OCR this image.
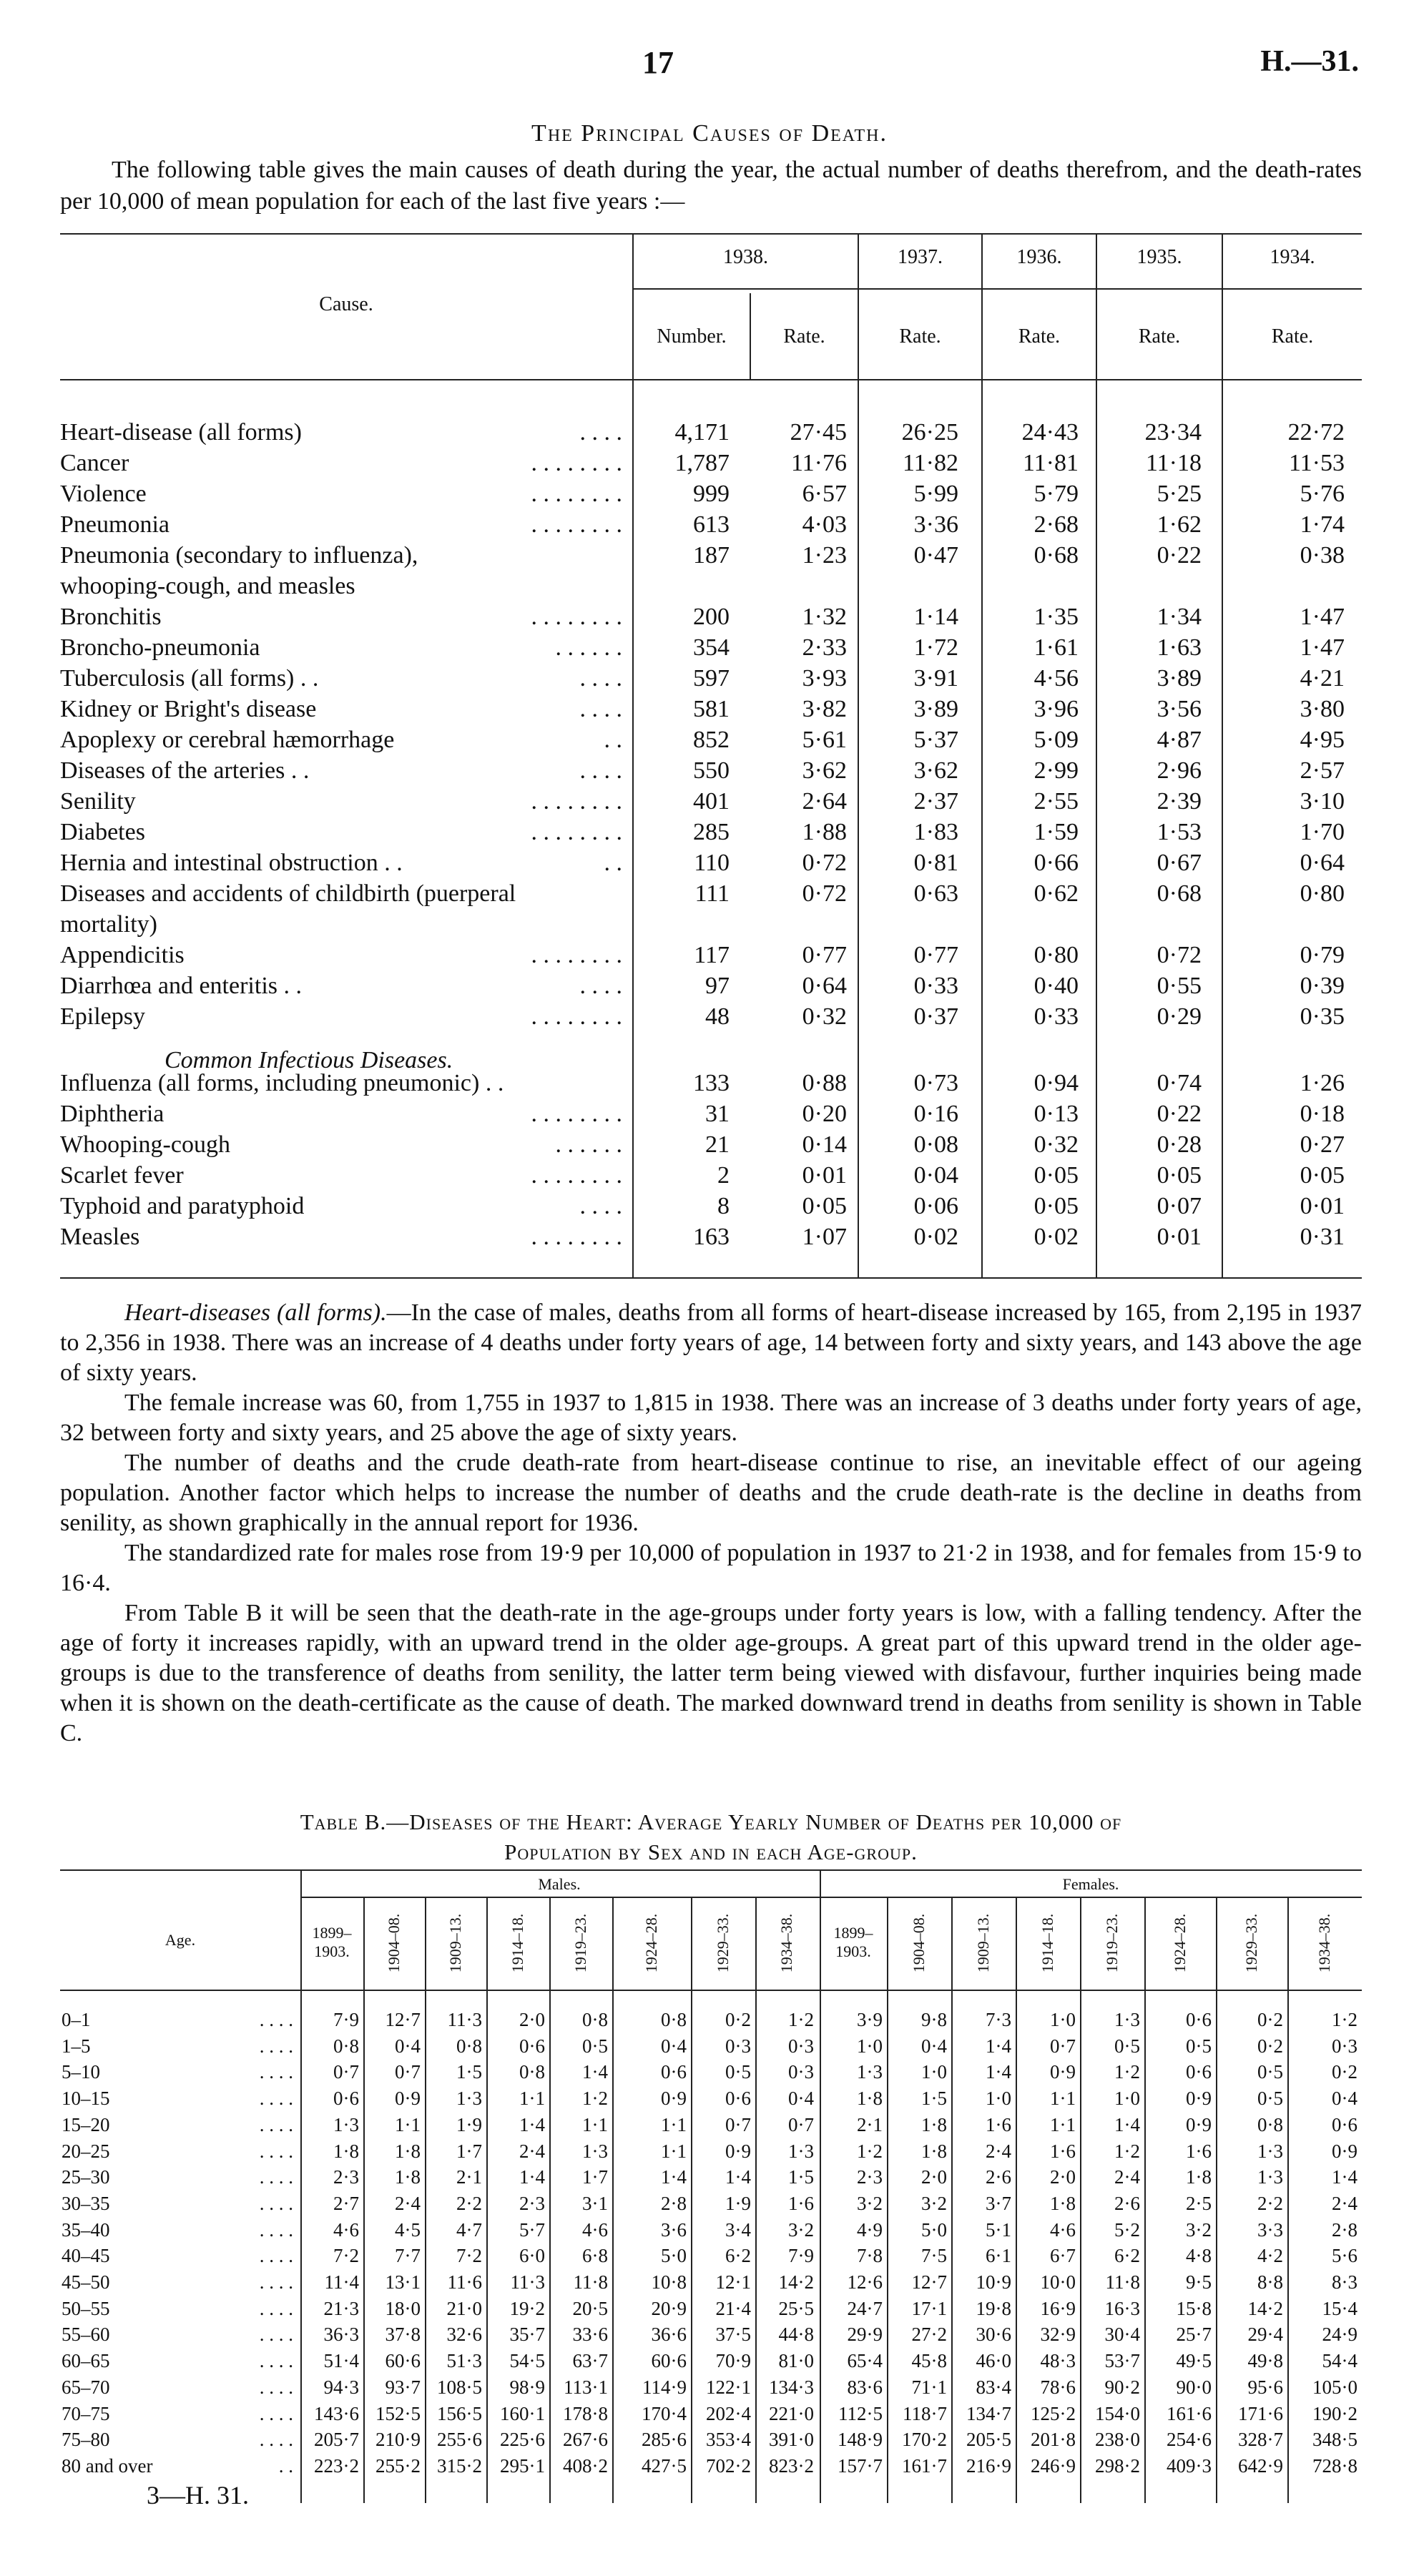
17	H.—31.
The Principal Causes of Death.
The following table gives the main causes of death during the year, the actual number of deaths therefrom, and the death-rates per 10,000 of mean population for each of the last five years :—
Cause.
1938.	1937.	1936.	1935.	1934.
Number.	Rate.	Rate.	Rate.	Rate.	Rate.
Heart-disease (all forms)	. . . .	4,171	27·45	26·25	24·43	23·34	22·72
Cancer	. . . . . . . .	1,787	11·76	11·82	11·81	11·18	11·53
Violence	. . . . . . . .	999	6·57	5·99	5·79	5·25	5·76
Pneumonia	. . . . . . . .	613	4·03	3·36	2·68	1·62	1·74
Pneumonia (secondary to influenza),	187	1·23	0·47	0·68	0·22	0·38
whooping-cough, and measles
Bronchitis	. . . . . . . .	200	1·32	1·14	1·35	1·34	1·47
Broncho-pneumonia	. . . . . .	354	2·33	1·72	1·61	1·63	1·47
Tuberculosis (all forms) . .	. . . .	597	3·93	3·91	4·56	3·89	4·21
Kidney or Bright's disease	. . . .	581	3·82	3·89	3·96	3·56	3·80
Apoplexy or cerebral hæmorrhage	. .	852	5·61	5·37	5·09	4·87	4·95
Diseases of the arteries . .	. . . .	550	3·62	3·62	2·99	2·96	2·57
Senility	. . . . . . . .	401	2·64	2·37	2·55	2·39	3·10
Diabetes	. . . . . . . .	285	1·88	1·83	1·59	1·53	1·70
Hernia and intestinal obstruction . .	. .	110	0·72	0·81	0·66	0·67	0·64
Diseases and accidents of childbirth (puerperal	111	0·72	0·63	0·62	0·68	0·80
mortality)
Appendicitis	. . . . . . . .	117	0·77	0·77	0·80	0·72	0·79
Diarrhœa and enteritis . .	. . . .	97	0·64	0·33	0·40	0·55	0·39
Epilepsy	. . . . . . . .	48	0·32	0·37	0·33	0·29	0·35
Common Infectious Diseases.
Influenza (all forms, including pneumonic) . .	133	0·88	0·73	0·94	0·74	1·26
Diphtheria	. . . . . . . .	31	0·20	0·16	0·13	0·22	0·18
Whooping-cough	. . . . . .	21	0·14	0·08	0·32	0·28	0·27
Scarlet fever	. . . . . . . .	2	0·01	0·04	0·05	0·05	0·05
Typhoid and paratyphoid	. . . .	8	0·05	0·06	0·05	0·07	0·01
Measles	. . . . . . . .	163	1·07	0·02	0·02	0·01	0·31

Heart-diseases (all forms).—In the case of males, deaths from all forms of heart-disease increased by 165, from 2,195 in 1937 to 2,356 in 1938. There was an increase of 4 deaths under forty years of age, 14 between forty and sixty years, and 143 above the age of sixty years.

The female increase was 60, from 1,755 in 1937 to 1,815 in 1938. There was an increase of 3 deaths under forty years of age, 32 between forty and sixty years, and 25 above the age of sixty years.

The number of deaths and the crude death-rate from heart-disease continue to rise, an inevitable effect of our ageing population. Another factor which helps to increase the number of deaths and the crude death-rate is the decline in deaths from senility, as shown graphically in the annual report for 1936.

The standardized rate for males rose from 19·9 per 10,000 of population in 1937 to 21·2 in 1938, and for females from 15·9 to 16·4.

From Table B it will be seen that the death-rate in the age-groups under forty years is low, with a falling tendency. After the age of forty it increases rapidly, with an upward trend in the older age-groups. A great part of this upward trend in the older age-groups is due to the transference of deaths from senility, the latter term being viewed with disfavour, further inquiries being made when it is shown on the death-certificate as the cause of death. The marked downward trend in deaths from senility is shown in Table C.

Table B.—Diseases of the Heart: Average Yearly Number of Deaths per 10,000 of
Population by Sex and in each Age-group.
Age.
Males.	Females.
1899–1903.	1904–08.	1909–13.	1914–18.	1919–23.	1924–28.	1929–33.	1934–38.	1899–1903.	1904–08.	1909–13.	1914–18.	1919–23.	1924–28.	1929–33.	1934–38.
0–1	. . . .	7·9	12·7	11·3	2·0	0·8	0·8	0·2	1·2	3·9	9·8	7·3	1·0	1·3	0·6	0·2	1·2
1–5	. . . .	0·8	0·4	0·8	0·6	0·5	0·4	0·3	0·3	1·0	0·4	1·4	0·7	0·5	0·5	0·2	0·3
5–10	. . . .	0·7	0·7	1·5	0·8	1·4	0·6	0·5	0·3	1·3	1·0	1·4	0·9	1·2	0·6	0·5	0·2
10–15	. . . .	0·6	0·9	1·3	1·1	1·2	0·9	0·6	0·4	1·8	1·5	1·0	1·1	1·0	0·9	0·5	0·4
15–20	. . . .	1·3	1·1	1·9	1·4	1·1	1·1	0·7	0·7	2·1	1·8	1·6	1·1	1·4	0·9	0·8	0·6
20–25	. . . .	1·8	1·8	1·7	2·4	1·3	1·1	0·9	1·3	1·2	1·8	2·4	1·6	1·2	1·6	1·3	0·9
25–30	. . . .	2·3	1·8	2·1	1·4	1·7	1·4	1·4	1·5	2·3	2·0	2·6	2·0	2·4	1·8	1·3	1·4
30–35	. . . .	2·7	2·4	2·2	2·3	3·1	2·8	1·9	1·6	3·2	3·2	3·7	1·8	2·6	2·5	2·2	2·4
35–40	. . . .	4·6	4·5	4·7	5·7	4·6	3·6	3·4	3·2	4·9	5·0	5·1	4·6	5·2	3·2	3·3	2·8
40–45	. . . .	7·2	7·7	7·2	6·0	6·8	5·0	6·2	7·9	7·8	7·5	6·1	6·7	6·2	4·8	4·2	5·6
45–50	. . . .	11·4	13·1	11·6	11·3	11·8	10·8	12·1	14·2	12·6	12·7	10·9	10·0	11·8	9·5	8·8	8·3
50–55	. . . .	21·3	18·0	21·0	19·2	20·5	20·9	21·4	25·5	24·7	17·1	19·8	16·9	16·3	15·8	14·2	15·4
55–60	. . . .	36·3	37·8	32·6	35·7	33·6	36·6	37·5	44·8	29·9	27·2	30·6	32·9	30·4	25·7	29·4	24·9
60–65	. . . .	51·4	60·6	51·3	54·5	63·7	60·6	70·9	81·0	65·4	45·8	46·0	48·3	53·7	49·5	49·8	54·4
65–70	. . . .	94·3	93·7 108·5	98·9 113·1	114·9	122·1 134·3	83·6	71·1	83·4	78·6	90·2	90·0	95·6	105·0
70–75	. . . .	143·6 152·5 156·5 160·1 178·8	170·4	202·4 221·0	112·5	118·7	134·7	125·2	154·0	161·6	171·6	190·2
75–80	. . . .	205·7 210·9 255·6 225·6 267·6	285·6	353·4 391·0	148·9	170·2	205·5	201·8	238·0	254·6	328·7	348·5
80 and over	. .	223·2 255·2 315·2 295·1 408·2	427·5	702·2 823·2	157·7	161·7	216·9	246·9	298·2	409·3	642·9	728·8
3—H. 31.
